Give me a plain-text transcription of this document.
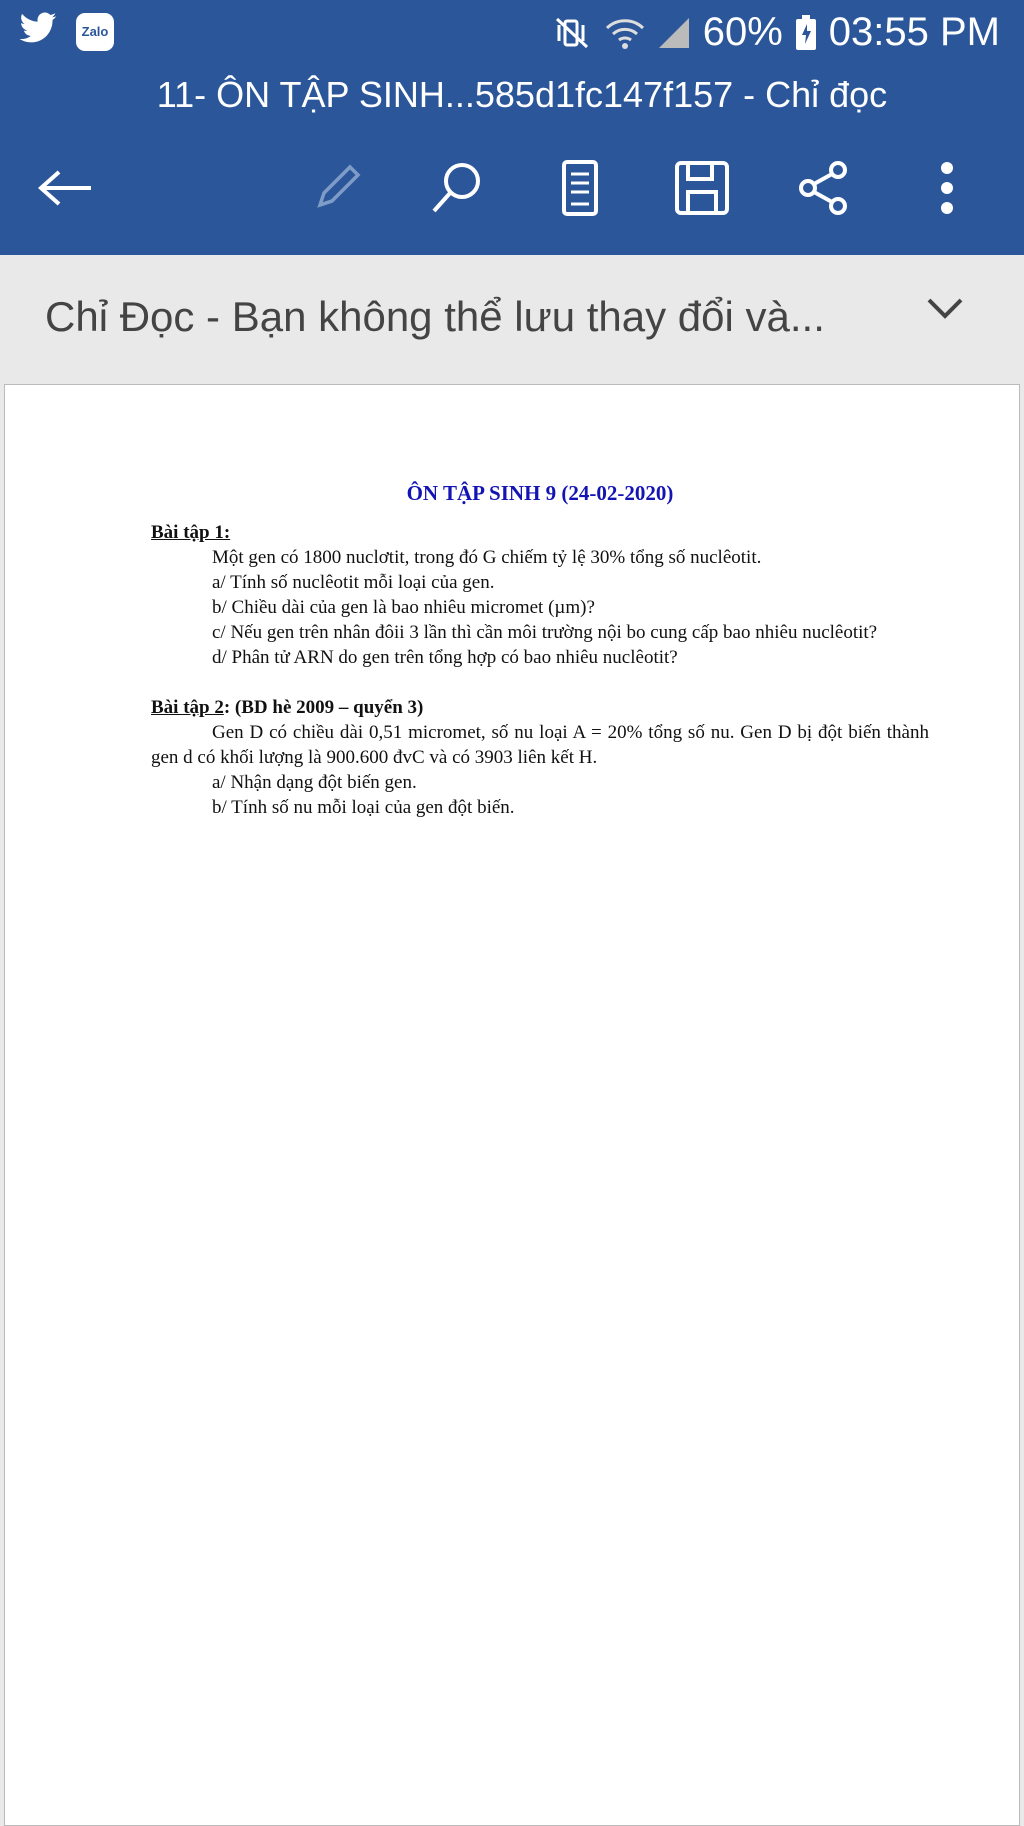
Zalo	60% 03:55 PM
11- ÔN TẬP SINH...585d1fc147f157 - Chỉ đọc
Chỉ Đọc - Bạn không thể lưu thay đổi và...
ÔN TẬP SINH 9 (24-02-2020)
Bài tập 1:
Một gen có 1800 nuclơtit, trong đó G chiếm tỷ lệ 30% tổng số nuclêotit.
a/ Tính số nuclêotit mỗi loại của gen.
b/ Chiều dài của gen là bao nhiêu micromet (µm)?
c/ Nếu gen trên nhân đôii 3 lần thì cần môi trường nội bo cung cấp bao nhiêu nuclêotit?
d/ Phân tử ARN do gen trên tổng hợp có bao nhiêu nuclêotit?
Bài tập 2: (BD hè 2009 – quyển 3)
Gen D có chiều dài 0,51 micromet, số nu loại A = 20% tổng số nu. Gen D bị đột biến thành gen d có khối lượng là 900.600 đvC và có 3903 liên kết H.
a/ Nhận dạng đột biến gen.
b/ Tính số nu mỗi loại của gen đột biến.
